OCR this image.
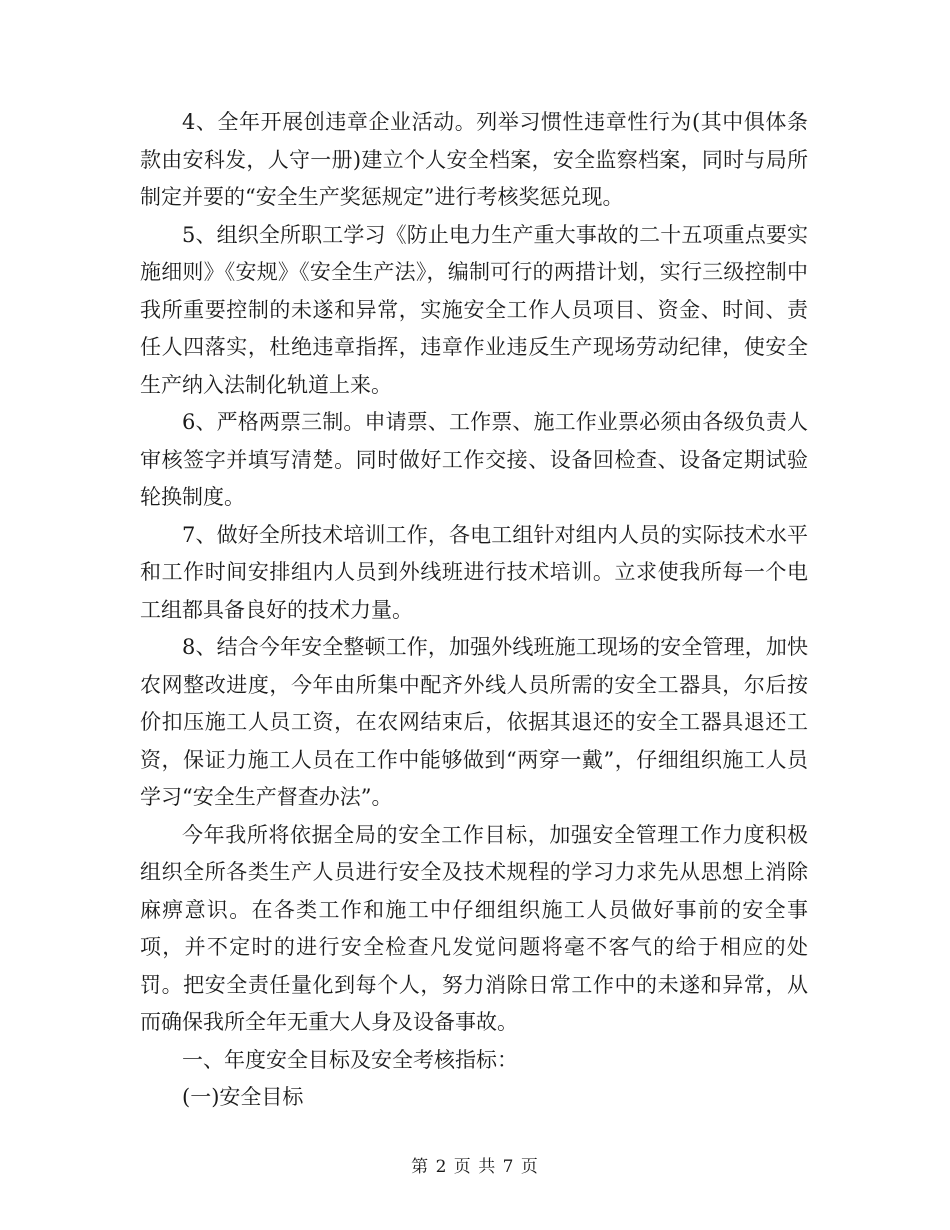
4、全年开展创违章企业活动。列举习惯性违章性行为(其中俱体条款由安科发，人守一册)建立个人安全档案，安全监察档案，同时与局所制定并要的“安全生产奖惩规定”进行考核奖惩兑现。

5、组织全所职工学习《防止电力生产重大事故的二十五项重点要实施细则》《安规》《安全生产法》，编制可行的两措计划，实行三级控制中我所重要控制的未遂和异常，实施安全工作人员项目、资金、时间、责任人四落实，杜绝违章指挥，违章作业违反生产现场劳动纪律，使安全生产纳入法制化轨道上来。

6、严格两票三制。申请票、工作票、施工作业票必须由各级负责人审核签字并填写清楚。同时做好工作交接、设备回检查、设备定期试验轮换制度。

7、做好全所技术培训工作，各电工组针对组内人员的实际技术水平和工作时间安排组内人员到外线班进行技术培训。立求使我所每一个电工组都具备良好的技术力量。

8、结合今年安全整顿工作，加强外线班施工现场的安全管理，加快农网整改进度，今年由所集中配齐外线人员所需的安全工器具，尔后按价扣压施工人员工资，在农网结束后，依据其退还的安全工器具退还工资，保证力施工人员在工作中能够做到“两穿一戴”，仔细组织施工人员学习“安全生产督查办法”。

今年我所将依据全局的安全工作目标，加强安全管理工作力度积极组织全所各类生产人员进行安全及技术规程的学习力求先从思想上消除麻痹意识。在各类工作和施工中仔细组织施工人员做好事前的安全事项，并不定时的进行安全检查凡发觉问题将毫不客气的给于相应的处罚。把安全责任量化到每个人，努力消除日常工作中的未遂和异常，从而确保我所全年无重大人身及设备事故。

一、年度安全目标及安全考核指标：

(一)安全目标

第 2 页 共 7 页
